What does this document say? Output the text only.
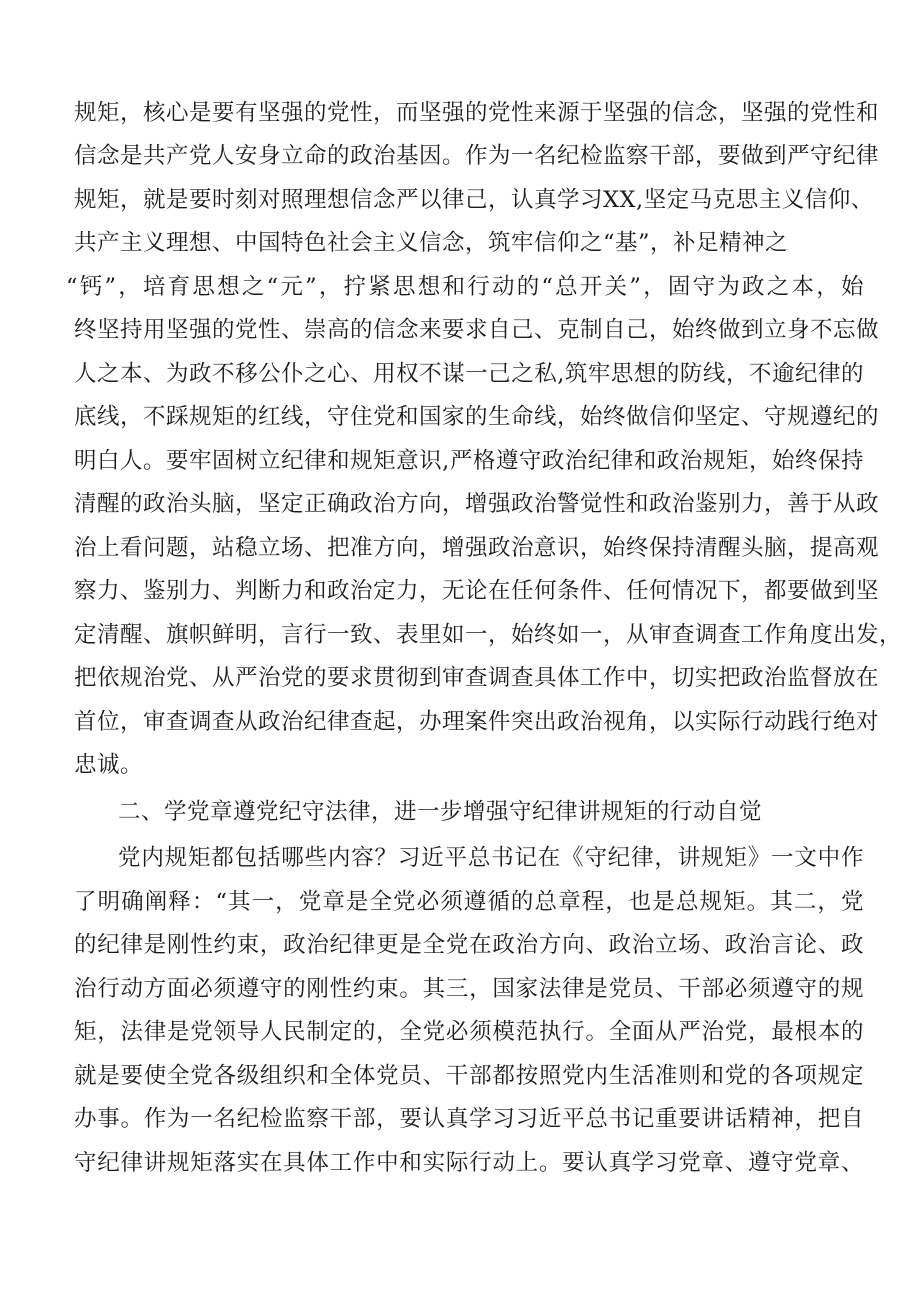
规矩，核心是要有坚强的党性，而坚强的党性来源于坚强的信念，坚强的党性和
信念是共产党人安身立命的政治基因。作为一名纪检监察干部，要做到严守纪律
规矩，就是要时刻对照理想信念严以律己，认真学习XX,坚定马克思主义信仰、
共产主义理想、中国特色社会主义信念，筑牢信仰之“基”，补足精神之
“钙”，培育思想之“元”，拧紧思想和行动的“总开关”，固守为政之本，始
终坚持用坚强的党性、崇高的信念来要求自己、克制自己，始终做到立身不忘做
人之本、为政不移公仆之心、用权不谋一己之私,筑牢思想的防线，不逾纪律的
底线，不踩规矩的红线，守住党和国家的生命线，始终做信仰坚定、守规遵纪的
明白人。要牢固树立纪律和规矩意识,严格遵守政治纪律和政治规矩，始终保持
清醒的政治头脑，坚定正确政治方向，增强政治警觉性和政治鉴别力，善于从政
治上看问题，站稳立场、把准方向，增强政治意识，始终保持清醒头脑，提高观
察力、鉴别力、判断力和政治定力，无论在任何条件、任何情况下，都要做到坚
定清醒、旗帜鲜明，言行一致、表里如一，始终如一，从审查调查工作角度出发，
把依规治党、从严治党的要求贯彻到审查调查具体工作中，切实把政治监督放在
首位，审查调查从政治纪律查起，办理案件突出政治视角，以实际行动践行绝对
忠诚。
二、学党章遵党纪守法律，进一步增强守纪律讲规矩的行动自觉
党内规矩都包括哪些内容？习近平总书记在《守纪律，讲规矩》一文中作
了明确阐释：“其一，党章是全党必须遵循的总章程，也是总规矩。其二，党
的纪律是刚性约束，政治纪律更是全党在政治方向、政治立场、政治言论、政
治行动方面必须遵守的刚性约束。其三，国家法律是党员、干部必须遵守的规
矩，法律是党领导人民制定的，全党必须模范执行。全面从严治党，最根本的
就是要使全党各级组织和全体党员、干部都按照党内生活准则和党的各项规定
办事。作为一名纪检监察干部，要认真学习习近平总书记重要讲话精神，把自
守纪律讲规矩落实在具体工作中和实际行动上。要认真学习党章、遵守党章、
